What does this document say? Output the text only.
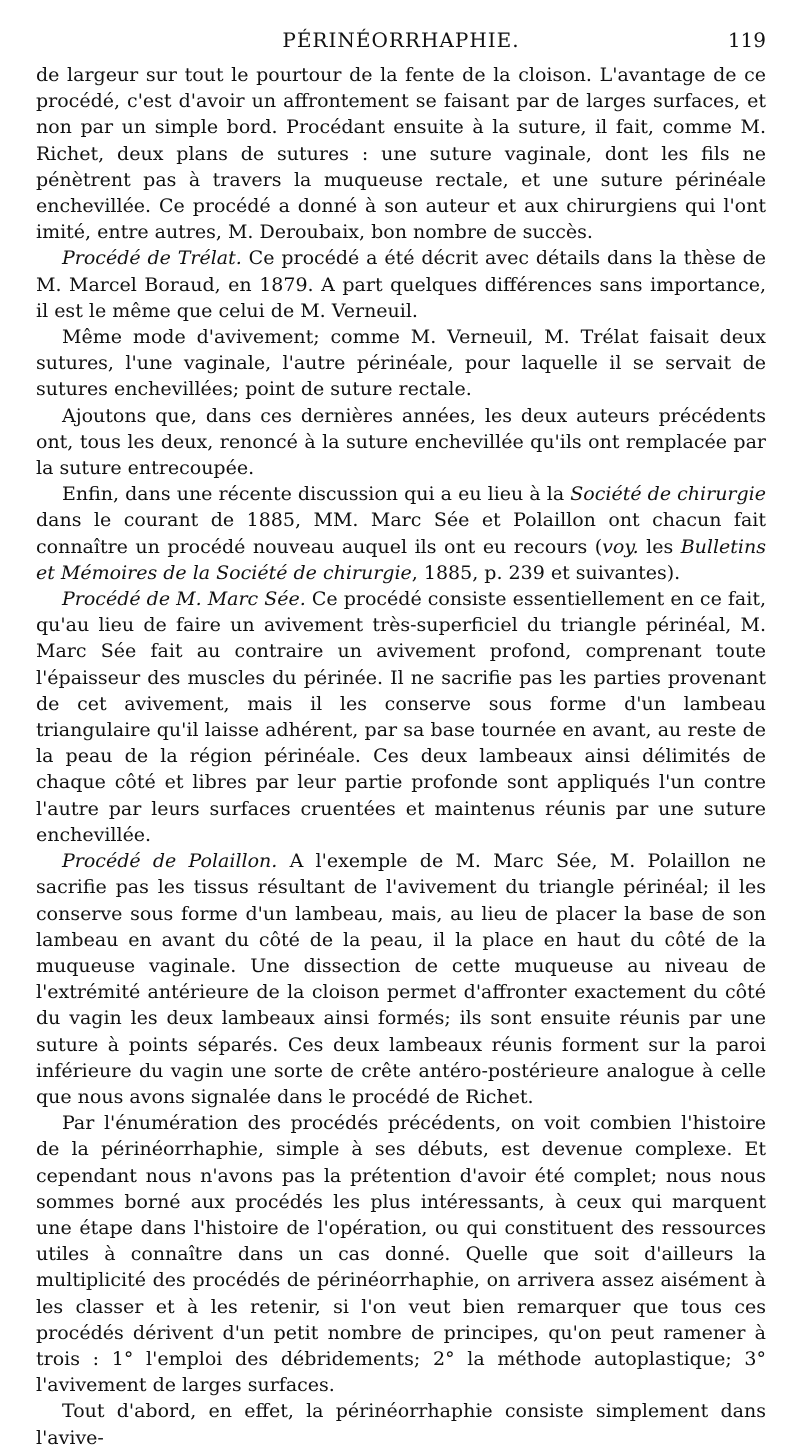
PÉRINÉORRHAPHIE.	119

de largeur sur tout le pourtour de la fente de la cloison. L'avantage de ce procédé, c'est d'avoir un affrontement se faisant par de larges surfaces, et non par un simple bord. Procédant ensuite à la suture, il fait, comme M. Richet, deux plans de sutures : une suture vaginale, dont les fils ne pénètrent pas à travers la muqueuse rectale, et une suture périnéale enchevillée. Ce procédé a donné à son auteur et aux chirurgiens qui l'ont imité, entre autres, M. Deroubaix, bon nombre de succès.

Procédé de Trélat. Ce procédé a été décrit avec détails dans la thèse de M. Marcel Boraud, en 1879. A part quelques différences sans importance, il est le même que celui de M. Verneuil.

Même mode d'avivement; comme M. Verneuil, M. Trélat faisait deux sutures, l'une vaginale, l'autre périnéale, pour laquelle il se servait de sutures enchevillées; point de suture rectale.

Ajoutons que, dans ces dernières années, les deux auteurs précédents ont, tous les deux, renoncé à la suture enchevillée qu'ils ont remplacée par la suture entrecoupée.

Enfin, dans une récente discussion qui a eu lieu à la Société de chirurgie dans le courant de 1885, MM. Marc Sée et Polaillon ont chacun fait connaître un procédé nouveau auquel ils ont eu recours (voy. les Bulletins et Mémoires de la Société de chirurgie, 1885, p. 239 et suivantes).

Procédé de M. Marc Sée. Ce procédé consiste essentiellement en ce fait, qu'au lieu de faire un avivement très-superficiel du triangle périnéal, M. Marc Sée fait au contraire un avivement profond, comprenant toute l'épaisseur des muscles du périnée. Il ne sacrifie pas les parties provenant de cet avivement, mais il les conserve sous forme d'un lambeau triangulaire qu'il laisse adhérent, par sa base tournée en avant, au reste de la peau de la région périnéale. Ces deux lambeaux ainsi délimités de chaque côté et libres par leur partie profonde sont appliqués l'un contre l'autre par leurs surfaces cruentées et maintenus réunis par une suture enchevillée.

Procédé de Polaillon. A l'exemple de M. Marc Sée, M. Polaillon ne sacrifie pas les tissus résultant de l'avivement du triangle périnéal; il les conserve sous forme d'un lambeau, mais, au lieu de placer la base de son lambeau en avant du côté de la peau, il la place en haut du côté de la muqueuse vaginale. Une dissection de cette muqueuse au niveau de l'extrémité antérieure de la cloison permet d'affronter exactement du côté du vagin les deux lambeaux ainsi formés; ils sont ensuite réunis par une suture à points séparés. Ces deux lambeaux réunis forment sur la paroi inférieure du vagin une sorte de crête antéro-postérieure analogue à celle que nous avons signalée dans le procédé de Richet.

Par l'énumération des procédés précédents, on voit combien l'histoire de la périnéorrhaphie, simple à ses débuts, est devenue complexe. Et cependant nous n'avons pas la prétention d'avoir été complet; nous nous sommes borné aux procédés les plus intéressants, à ceux qui marquent une étape dans l'histoire de l'opération, ou qui constituent des ressources utiles à connaître dans un cas donné. Quelle que soit d'ailleurs la multiplicité des procédés de périnéorrhaphie, on arrivera assez aisément à les classer et à les retenir, si l'on veut bien remarquer que tous ces procédés dérivent d'un petit nombre de principes, qu'on peut ramener à trois : 1° l'emploi des débridements; 2° la méthode autoplastique; 3° l'avivement de larges surfaces.

Tout d'abord, en effet, la périnéorrhaphie consiste simplement dans l'avive-
